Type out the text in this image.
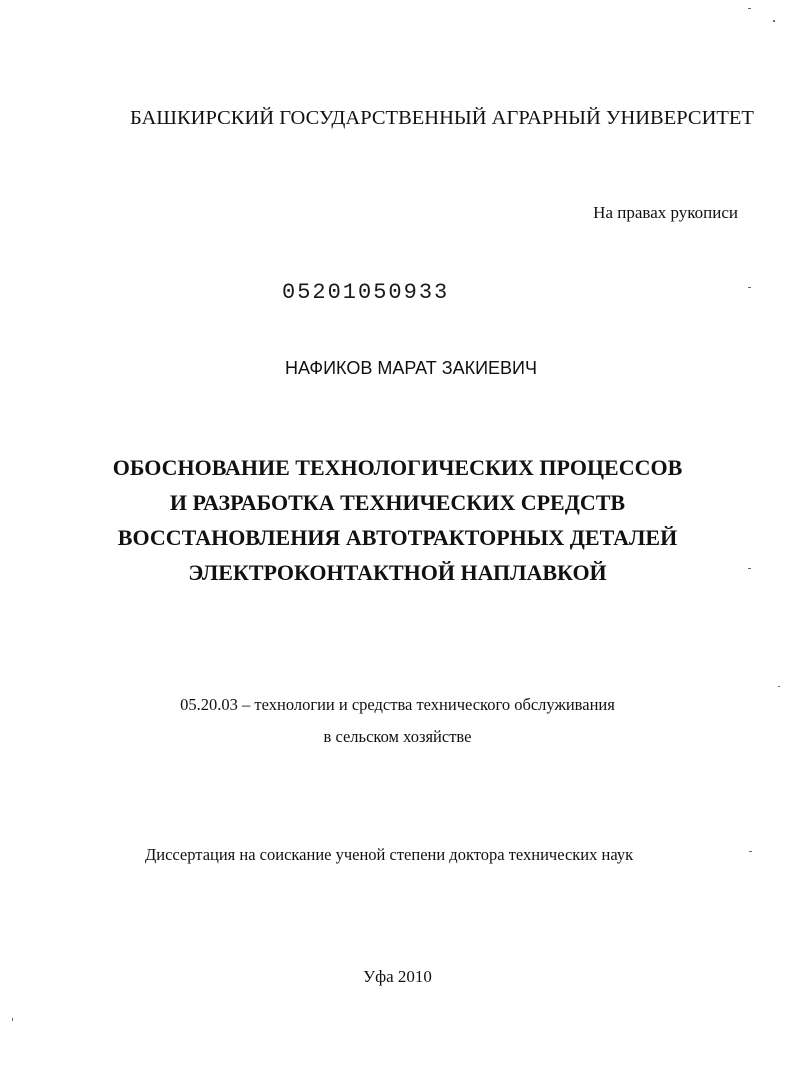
БАШКИРСКИЙ ГОСУДАРСТВЕННЫЙ АГРАРНЫЙ УНИВЕРСИТЕТ
На правах рукописи
05201050933
НАФИКОВ МАРАТ ЗАКИЕВИЧ
ОБОСНОВАНИЕ ТЕХНОЛОГИЧЕСКИХ ПРОЦЕССОВ
И РАЗРАБОТКА ТЕХНИЧЕСКИХ СРЕДСТВ
ВОССТАНОВЛЕНИЯ АВТОТРАКТОРНЫХ ДЕТАЛЕЙ
ЭЛЕКТРОКОНТАКТНОЙ НАПЛАВКОЙ
05.20.03 – технологии и средства технического обслуживания
в сельском хозяйстве
Диссертация на соискание ученой степени доктора технических наук
Уфа 2010
